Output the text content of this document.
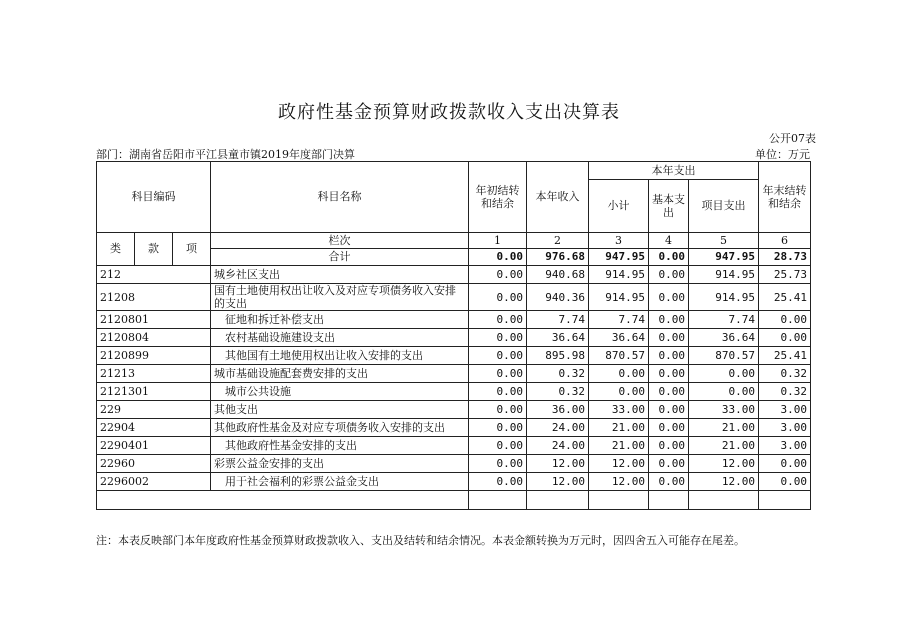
政府性基金预算财政拨款收入支出决算表
公开07表
部门：湖南省岳阳市平江县童市镇2019年度部门决算	单位：万元
科目编码			科目名称	年初结转和结余	本年收入	本年支出			年末结转和结余
						小计	基本支出	项目支出	

类	款	项	栏次	1	2	3	4	5	6
			合计	0.00	976.68	947.95	0.00	947.95	28.73
212			城乡社区支出	0.00	940.68	914.95	0.00	914.95	25.73
21208			国有土地使用权出让收入及对应专项债务收入安排的支出	0.00	940.36	914.95	0.00	914.95	25.41
2120801			征地和拆迁补偿支出	0.00	7.74	7.74	0.00	7.74	0.00
2120804			农村基础设施建设支出	0.00	36.64	36.64	0.00	36.64	0.00
2120899			其他国有土地使用权出让收入安排的支出	0.00	895.98	870.57	0.00	870.57	25.41
21213			城市基础设施配套费安排的支出	0.00	0.32	0.00	0.00	0.00	0.32
2121301			城市公共设施	0.00	0.32	0.00	0.00	0.00	0.32
229			其他支出	0.00	36.00	33.00	0.00	33.00	3.00
22904			其他政府性基金及对应专项债务收入安排的支出	0.00	24.00	21.00	0.00	21.00	3.00
2290401			其他政府性基金安排的支出	0.00	24.00	21.00	0.00	21.00	3.00
22960			彩票公益金安排的支出	0.00	12.00	12.00	0.00	12.00	0.00
2296002			用于社会福利的彩票公益金支出	0.00	12.00	12.00	0.00	12.00	0.00

注：本表反映部门本年度政府性基金预算财政拨款收入、支出及结转和结余情况。本表金额转换为万元时，因四舍五入可能存在尾差。
